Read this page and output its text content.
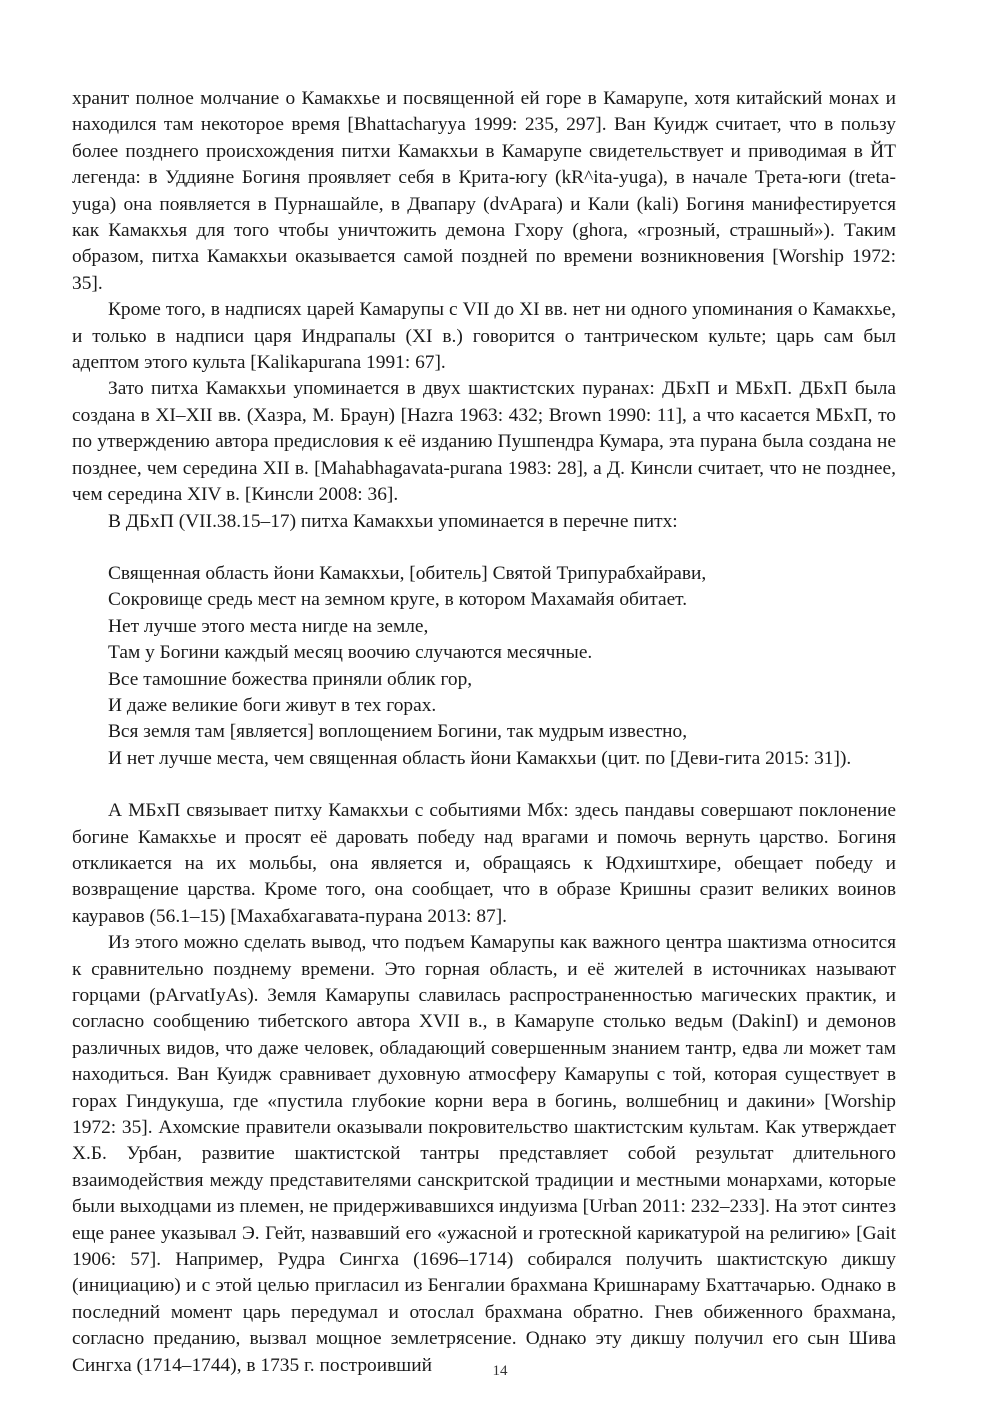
хранит полное молчание о Камакхье и посвященной ей горе в Камарупе, хотя китайский монах и находился там некоторое время [Bhattacharyya 1999: 235, 297]. Ван Куидж считает, что в пользу более позднего происхождения питхи Камакхьи в Камарупе свидетельствует и приводимая в ЙТ легенда: в Уддияне Богиня проявляет себя в Крита-югу (kR^ita-yuga), в начале Трета-юги (treta-yuga) она появляется в Пурнашайле, в Двапару (dvApara) и Кали (kali) Богиня манифестируется как Камакхья для того чтобы уничтожить демона Гхору (ghora, «грозный, страшный»). Таким образом, питха Камакхьи оказывается самой поздней по времени возникновения [Worship 1972: 35].

Кроме того, в надписях царей Камарупы с VII до XI вв. нет ни одного упоминания о Камакхье, и только в надписи царя Индрапалы (XI в.) говорится о тантрическом культе; царь сам был адептом этого культа [Kalikapurana 1991: 67].

Зато питха Камакхьи упоминается в двух шактистских пуранах: ДБхП и МБхП. ДБхП была создана в XI–XII вв. (Хазра, М. Браун) [Hazra 1963: 432; Brown 1990: 11], а что касается МБхП, то по утверждению автора предисловия к её изданию Пушпендра Кумара, эта пурана была создана не позднее, чем середина XII в. [Mahabhagavata-purana 1983: 28], а Д. Кинсли считает, что не позднее, чем середина XIV в. [Кинсли 2008: 36].

В ДБхП (VII.38.15–17) питха Камакхьи упоминается в перечне питх:

Священная область йони Камакхьи, [обитель] Святой Трипурабхайрави,
Сокровище средь мест на земном круге, в котором Махамайя обитает.
Нет лучше этого места нигде на земле,
Там у Богини каждый месяц воочию случаются месячные.
Все тамошние божества приняли облик гор,
И даже великие боги живут в тех горах.
Вся земля там [является] воплощением Богини, так мудрым известно,
И нет лучше места, чем священная область йони Камакхьи (цит. по [Деви-гита 2015: 31]).

А МБхП связывает питху Камакхьи с событиями Мбх: здесь пандавы совершают поклонение богине Камакхье и просят её даровать победу над врагами и помочь вернуть царство. Богиня откликается на их мольбы, она является и, обращаясь к Юдхиштхире, обещает победу и возвращение царства. Кроме того, она сообщает, что в образе Кришны сразит великих воинов кауравов (56.1–15) [Махабхагавата-пурана 2013: 87].

Из этого можно сделать вывод, что подъем Камарупы как важного центра шактизма относится к сравнительно позднему времени. Это горная область, и её жителей в источниках называют горцами (pArvatIyAs). Земля Камарупы славилась распространенностью магических практик, и согласно сообщению тибетского автора XVII в., в Камарупе столько ведьм (DakinI) и демонов различных видов, что даже человек, обладающий совершенным знанием тантр, едва ли может там находиться. Ван Куидж сравнивает духовную атмосферу Камарупы с той, которая существует в горах Гиндукуша, где «пустила глубокие корни вера в богинь, волшебниц и дакини» [Worship 1972: 35]. Ахомские правители оказывали покровительство шактистским культам. Как утверждает Х.Б. Урбан, развитие шактистской тантры представляет собой результат длительного взаимодействия между представителями санскритской традиции и местными монархами, которые были выходцами из племен, не придерживавшихся индуизма [Urban 2011: 232–233]. На этот синтез еще ранее указывал Э. Гейт, назвавший его «ужасной и гротескной карикатурой на религию» [Gait 1906: 57]. Например, Рудра Сингха (1696–1714) собирался получить шактистскую дикшу (инициацию) и с этой целью пригласил из Бенгалии брахмана Кришнараму Бхаттачарью. Однако в последний момент царь передумал и отослал брахмана обратно. Гнев обиженного брахмана, согласно преданию, вызвал мощное землетрясение. Однако эту дикшу получил его сын Шива Сингха (1714–1744), в 1735 г. построивший	14
